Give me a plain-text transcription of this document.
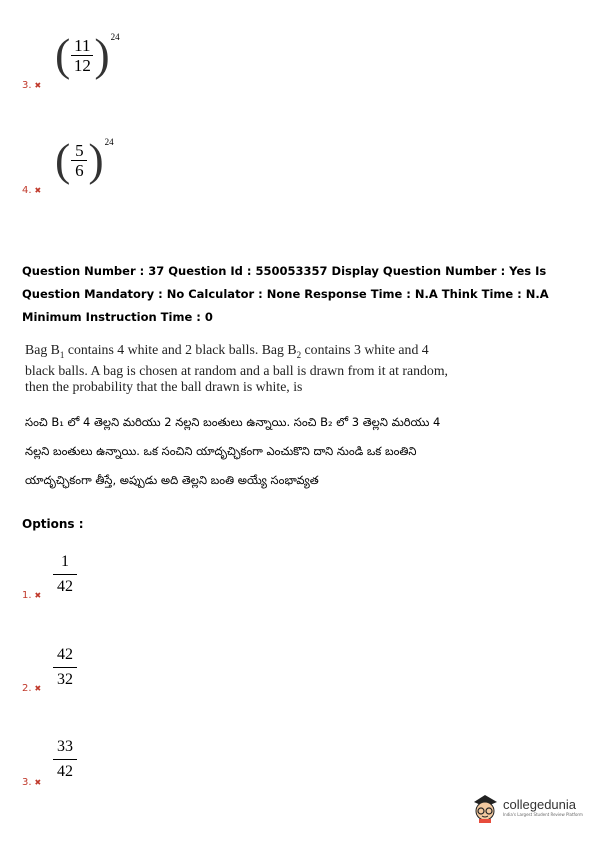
( $\frac{11}{12}$ ) 24
3. ✖
( $\frac{5}{6}$ ) 24
4. ✖
Question Number : 37 Question Id : 550053357 Display Question Number : Yes Is Question Mandatory : No Calculator : None Response Time : N.A Think Time : N.A Minimum Instruction Time : 0
Bag $B_1$ contains 4 white and 2 black balls. Bag $B_2$ contains 3 white and 4 black balls. A bag is chosen at random and a ball is drawn from it at random, then the probability that the ball drawn is white, is
సంచి B₁ లో 4 తెల్లని మరియు 2 నల్లని బంతులు ఉన్నాయి. సంచి B₂ లో 3 తెల్లని మరియు 4 నల్లని బంతులు ఉన్నాయి. ఒక సంచిని యాదృచ్ఛికంగా ఎంచుకొని దాని నుండి ఒక బంతిని యాదృచ్ఛికంగా తీస్తే, అప్పుడు అది తెల్లని బంతి అయ్యే సంభావ్యత
Options :
1
42
1. ✖
42
32
2. ✖
33
42
3. ✖
collegedunia
India's Largest Student Review Platform
